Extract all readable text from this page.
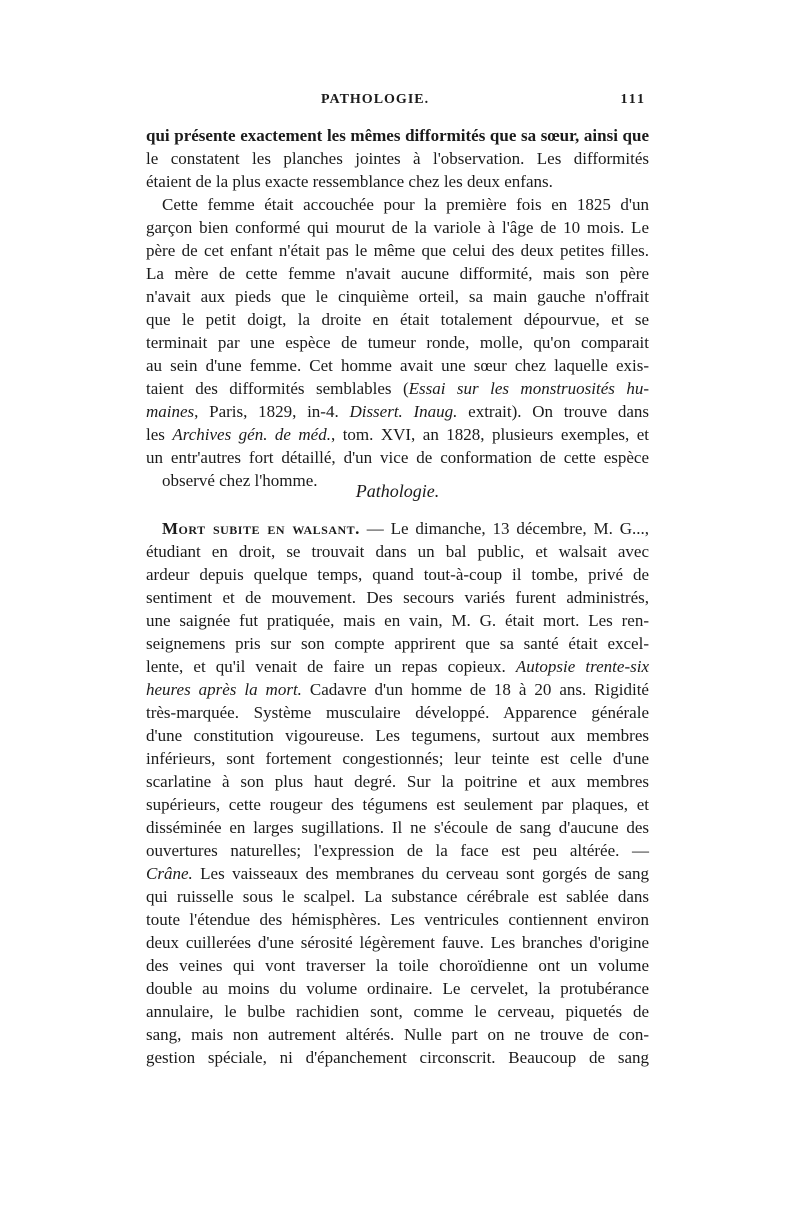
PATHOLOGIE.	111
qui présente exactement les mêmes difformités que sa sœur, ainsi que
le constatent les planches jointes à l'observation. Les difformités
étaient de la plus exacte ressemblance chez les deux enfans.
Cette femme était accouchée pour la première fois en 1825 d'un
garçon bien conformé qui mourut de la variole à l'âge de 10 mois. Le
père de cet enfant n'était pas le même que celui des deux petites filles.
La mère de cette femme n'avait aucune difformité, mais son père
n'avait aux pieds que le cinquième orteil, sa main gauche n'offrait
que le petit doigt, la droite en était totalement dépourvue, et se
terminait par une espèce de tumeur ronde, molle, qu'on comparait
au sein d'une femme. Cet homme avait une sœur chez laquelle exis-
taient des difformités semblables (Essai sur les monstruosités hu-
maines, Paris, 1829, in-4. Dissert. Inaug. extrait). On trouve dans
les Archives gén. de méd., tom. XVI, an 1828, plusieurs exemples, et
un entr'autres fort détaillé, d'un vice de conformation de cette espèce
observé chez l'homme.
Pathologie.
Mort subite en walsant. — Le dimanche, 13 décembre, M. G...,
étudiant en droit, se trouvait dans un bal public, et walsait avec
ardeur depuis quelque temps, quand tout-à-coup il tombe, privé de
sentiment et de mouvement. Des secours variés furent administrés,
une saignée fut pratiquée, mais en vain, M. G. était mort. Les ren-
seignemens pris sur son compte apprirent que sa santé était excel-
lente, et qu'il venait de faire un repas copieux. Autopsie trente-six
heures après la mort. Cadavre d'un homme de 18 à 20 ans. Rigidité
très-marquée. Système musculaire développé. Apparence générale
d'une constitution vigoureuse. Les tegumens, surtout aux membres
inférieurs, sont fortement congestionnés; leur teinte est celle d'une
scarlatine à son plus haut degré. Sur la poitrine et aux membres
supérieurs, cette rougeur des tégumens est seulement par plaques, et
disséminée en larges sugillations. Il ne s'écoule de sang d'aucune des
ouvertures naturelles; l'expression de la face est peu altérée. —
Crâne. Les vaisseaux des membranes du cerveau sont gorgés de sang
qui ruisselle sous le scalpel. La substance cérébrale est sablée dans
toute l'étendue des hémisphères. Les ventricules contiennent environ
deux cuillerées d'une sérosité légèrement fauve. Les branches d'origine
des veines qui vont traverser la toile choroïdienne ont un volume
double au moins du volume ordinaire. Le cervelet, la protubérance
annulaire, le bulbe rachidien sont, comme le cerveau, piquetés de
sang, mais non autrement altérés. Nulle part on ne trouve de con-
gestion spéciale, ni d'épanchement circonscrit. Beaucoup de sang
